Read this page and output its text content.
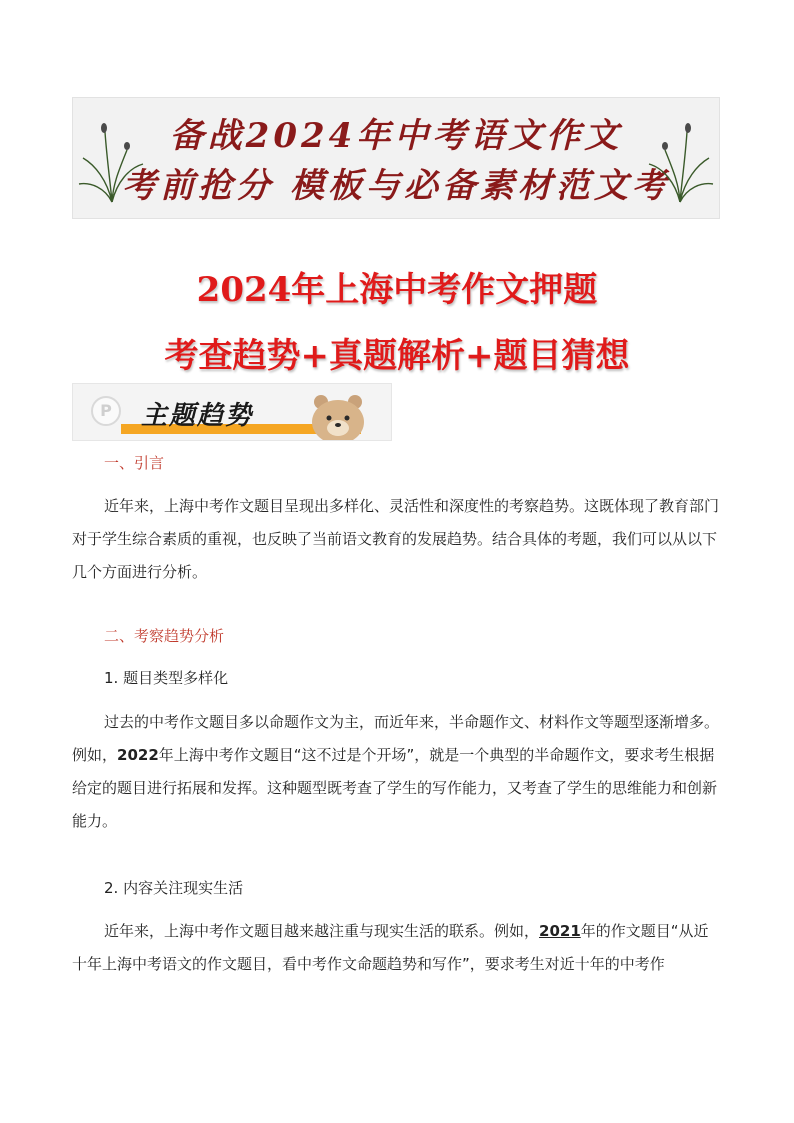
备战2024年中考语文作文
考前抢分 模板与必备素材范文考
2024年上海中考作文押题
考查趋势+真题解析+题目猜想
P	主题趋势
一、引言

近年来，上海中考作文题目呈现出多样化、灵活性和深度性的考察趋势。这既体现了教育部门对于学生综合素质的重视，也反映了当前语文教育的发展趋势。结合具体的考题，我们可以从以下几个方面进行分析。

二、考察趋势分析
1. 题目类型多样化

过去的中考作文题目多以命题作文为主，而近年来，半命题作文、材料作文等题型逐渐增多。例如，2022年上海中考作文题目“这不过是个开场”，就是一个典型的半命题作文，要求考生根据给定的题目进行拓展和发挥。这种题型既考查了学生的写作能力，又考查了学生的思维能力和创新能力。

2. 内容关注现实生活

近年来，上海中考作文题目越来越注重与现实生活的联系。例如，2021年的作文题目“从近十年上海中考语文的作文题目，看中考作文命题趋势和写作”，要求考生对近十年的中考作
